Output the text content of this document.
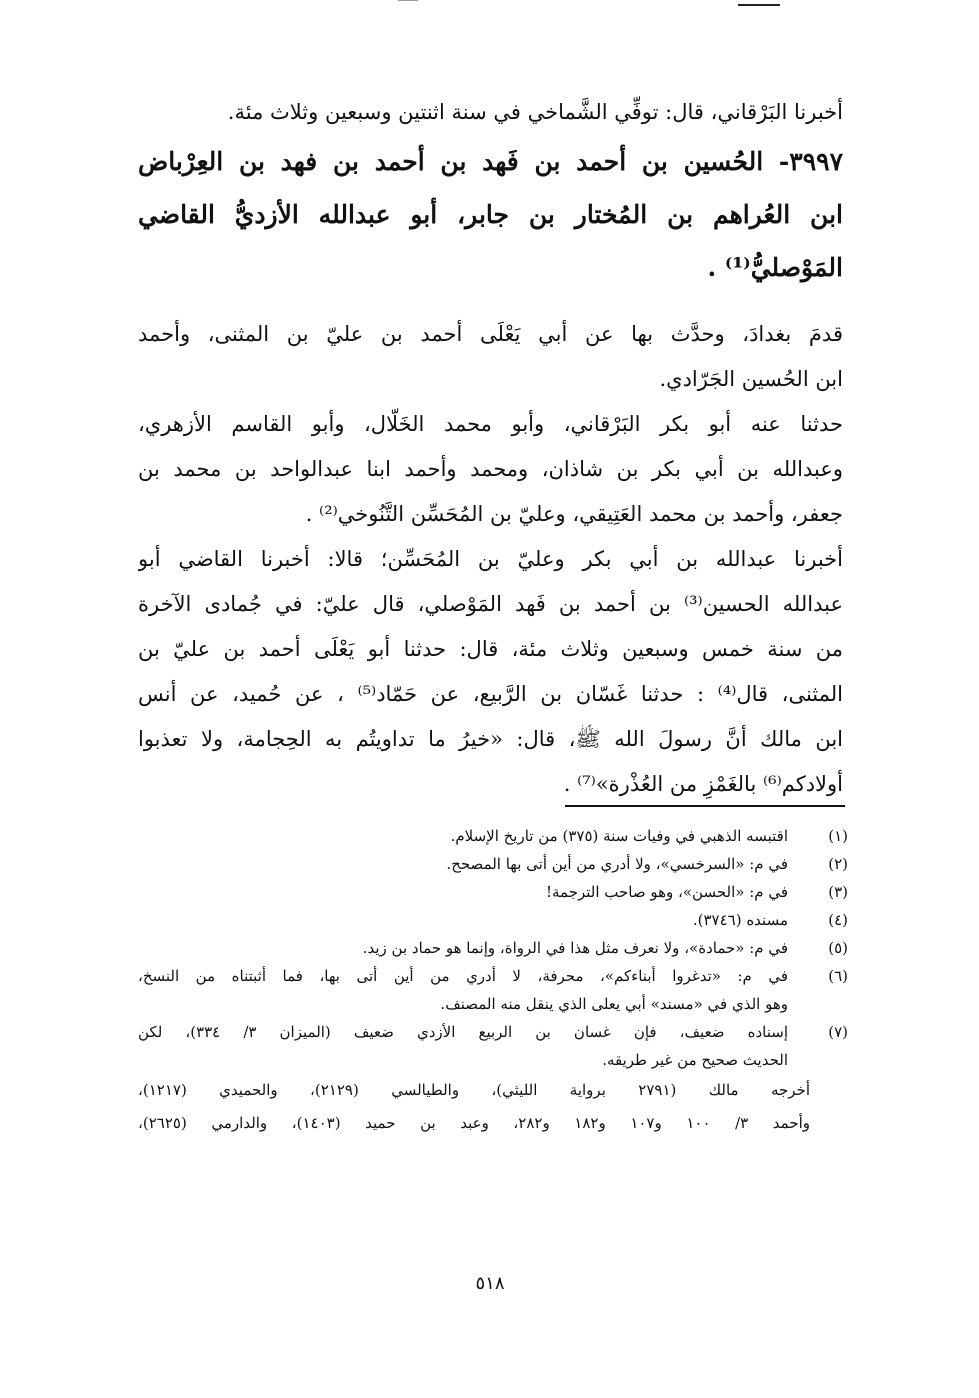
أخبرنا البَرْقاني، قال: توفِّي الشَّماخي في سنة اثنتين وسبعين وثلاث مئة.
٣٩٩٧- الحُسين بن أحمد بن فَهد بن أحمد بن فهد بن العِرْباض
ابن العُراهم بن المُختار بن جابر، أبو عبدالله الأزديُّ القاضي
المَوْصليُّ⁽¹⁾ .
قدمَ بغدادَ، وحدَّث بها عن أبي يَعْلَى أحمد بن عليّ بن المثنى، وأحمد
ابن الحُسين الجَرّادي.
حدثنا عنه أبو بكر البَرْقاني، وأبو محمد الخَلّال، وأبو القاسم الأزهري،
وعبدالله بن أبي بكر بن شاذان، ومحمد وأحمد ابنا عبدالواحد بن محمد بن
جعفر، وأحمد بن محمد العَتِيقي، وعليّ بن المُحَسِّن التَّنُوخي⁽²⁾ .
أخبرنا عبدالله بن أبي بكر وعليّ بن المُحَسِّن؛ قالا: أخبرنا القاضي أبو
عبدالله الحسين⁽³⁾ بن أحمد بن فَهد المَوْصلي، قال عليّ: في جُمادى الآخرة
من سنة خمس وسبعين وثلاث مئة، قال: حدثنا أبو يَعْلَى أحمد بن عليّ بن
المثنى، قال⁽⁴⁾ : حدثنا غَسّان بن الرَّبيع، عن حَمّاد⁽⁵⁾ ، عن حُميد، عن أنس
ابن مالك أنَّ رسولَ الله ﷺ، قال: «خيرُ ما تداويتُم به الحِجامة، ولا تعذبوا
أولادكم⁽⁶⁾ بالغَمْزِ من العُذْرة»⁽⁷⁾ .
(١)
اقتبسه الذهبي في وفيات سنة (٣٧٥) من تاريخ الإسلام.
(٢)
في م: «السرخسي»، ولا أدري من أين أتى بها المصحح.
(٣)
في م: «الحسن»، وهو صاحب الترجمة!
(٤)
مسنده (٣٧٤٦).
(٥)
في م: «حمادة»، ولا نعرف مثل هذا في الرواة، وإنما هو حماد بن زيد.
(٦)
في م: «تدغروا أبناءكم»، محرفة، لا أدري من أين أتى بها، فما أثبتناه من النسخ،
وهو الذي في «مسند» أبي يعلى الذي ينقل منه المصنف.
(٧)
إسناده ضعيف، فإن غسان بن الربيع الأزدي ضعيف (الميزان ٣/ ٣٣٤)، لكن
الحديث صحيح من غير طريقه.
أخرجه مالك (٢٧٩١ برواية الليثي)، والطيالسي (٢١٢٩)، والحميدي (١٢١٧)،
وأحمد ٣/ ١٠٠ و١٠٧ و١٨٢ و٢٨٢، وعبد بن حميد (١٤٠٣)، والدارمي (٢٦٢٥)،
٥١٨
